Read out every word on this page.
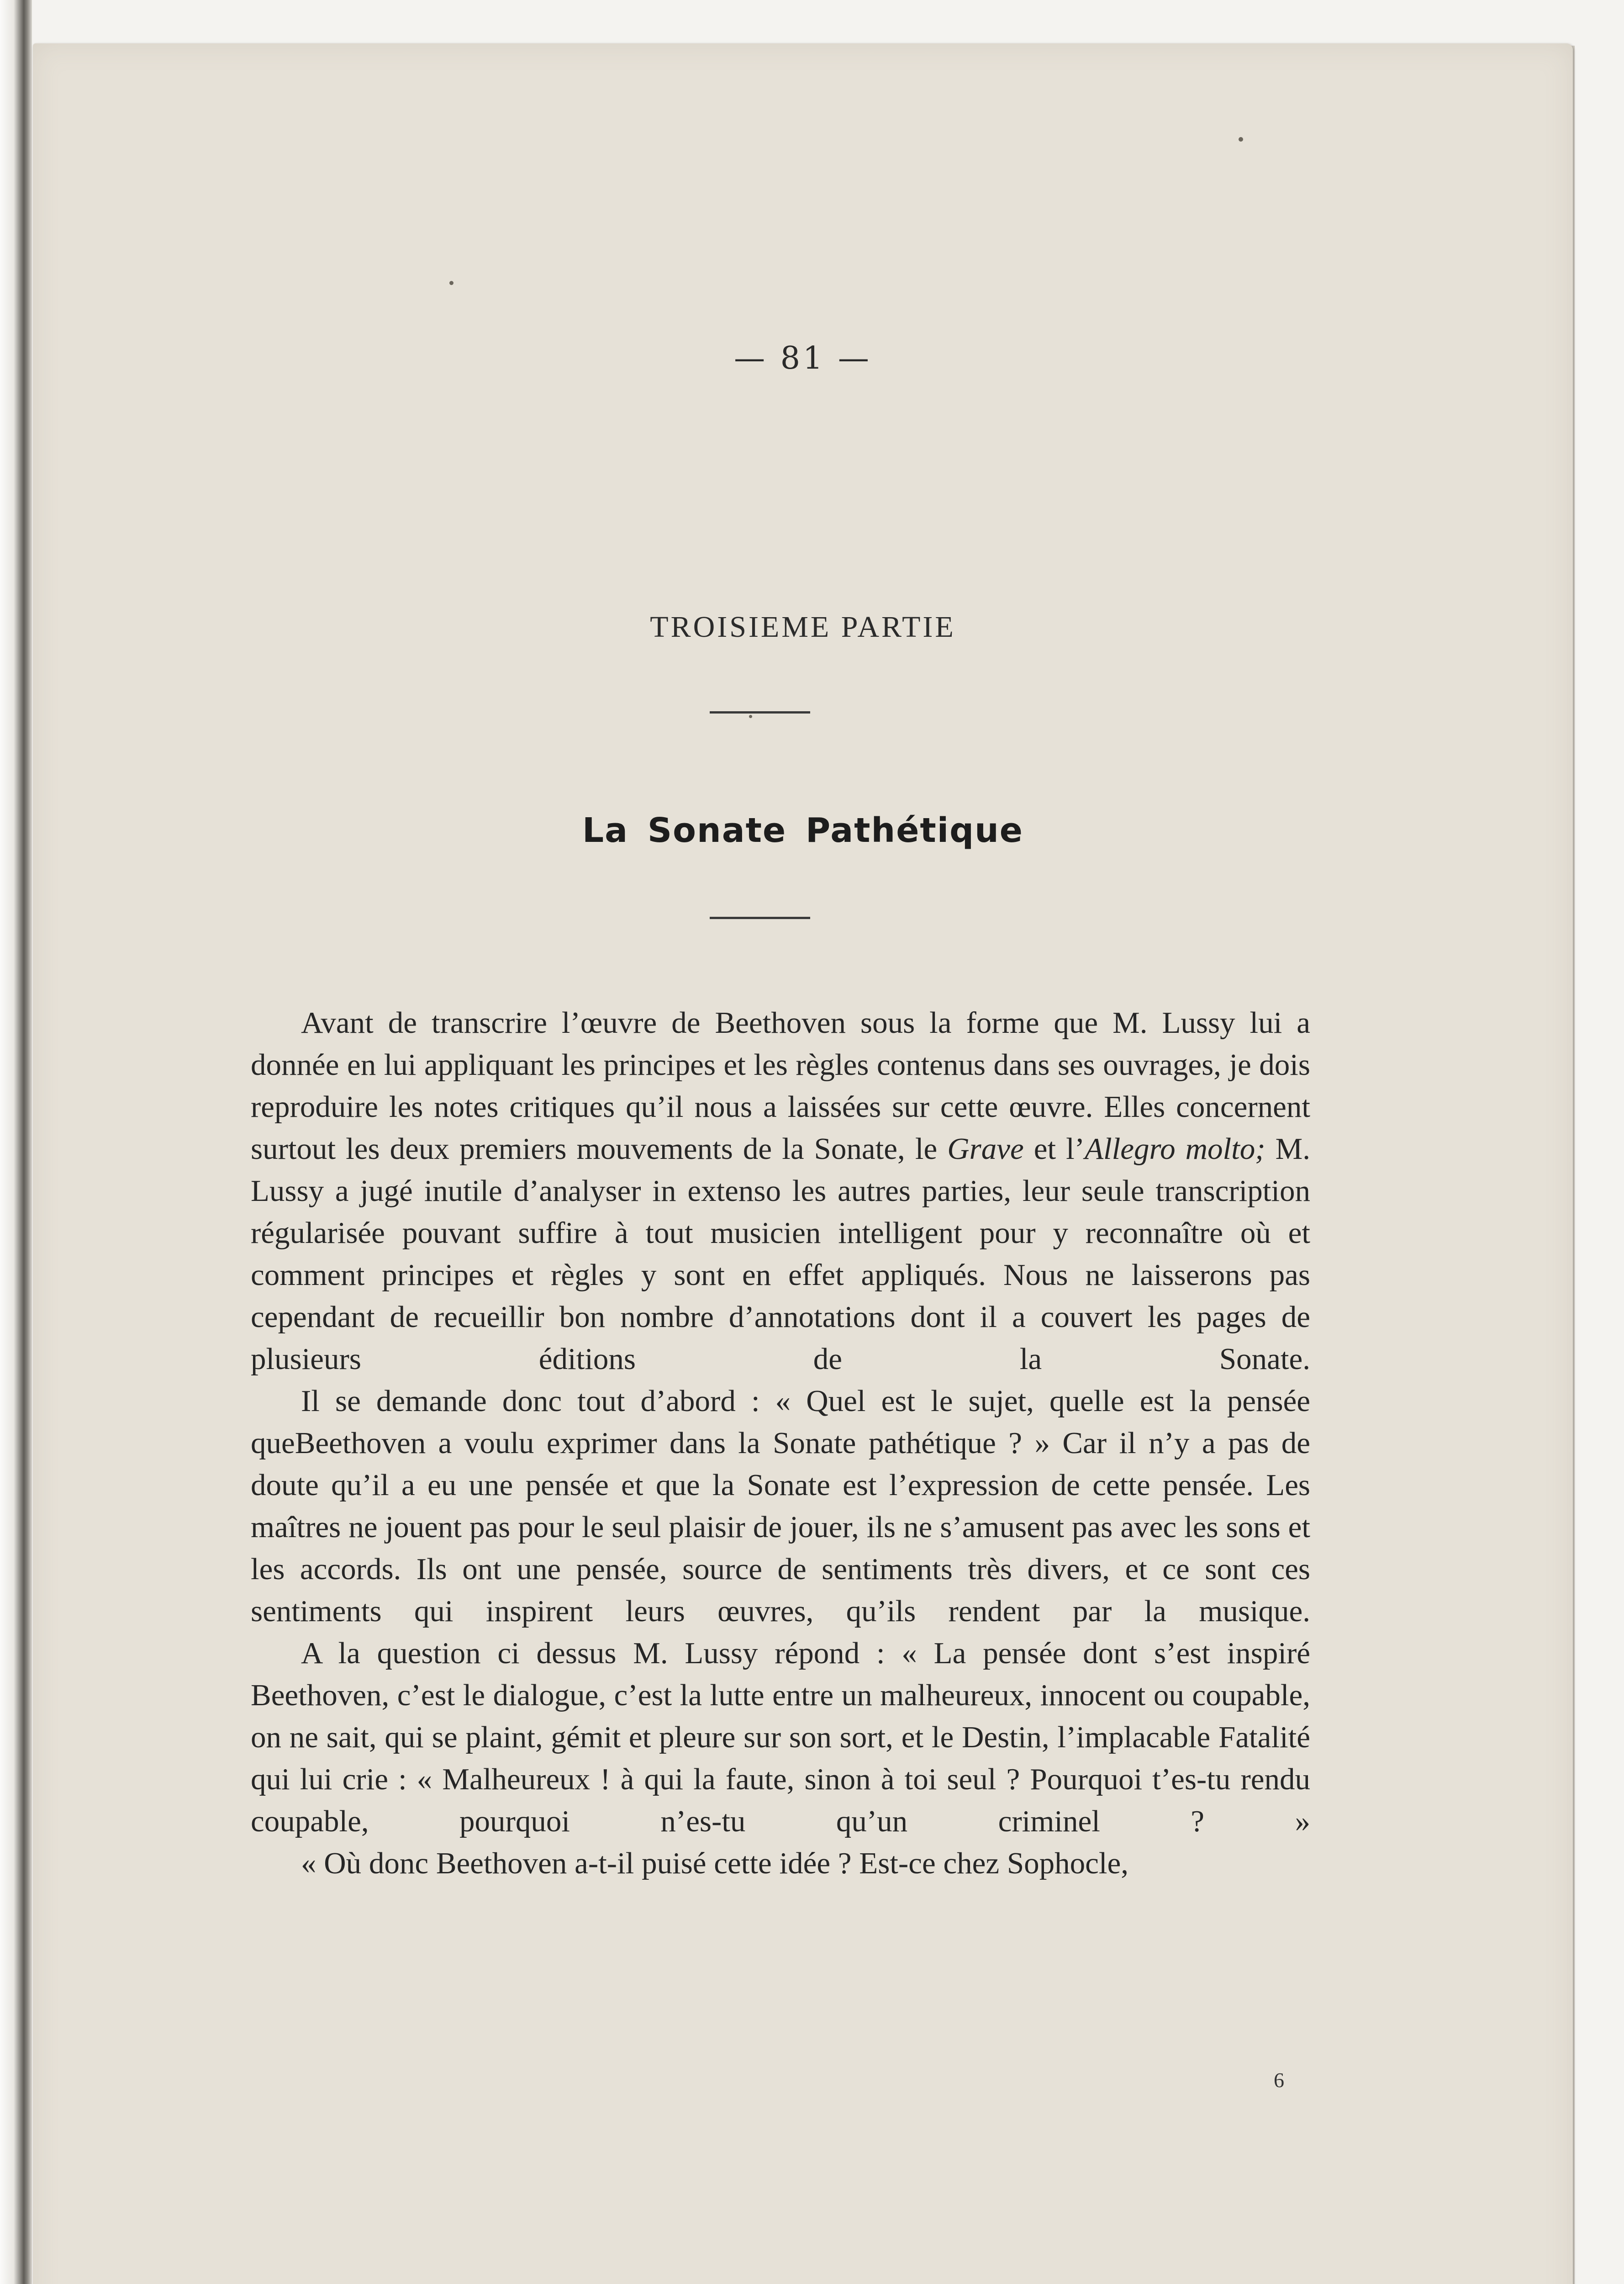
— 81 —
TROISIEME PARTIE
La Sonate Pathétique

Avant de transcrire l’œuvre de Beethoven sous la forme que M. Lussy lui a donnée en lui appliquant les principes et les règles contenus dans ses ouvrages, je dois reproduire les notes critiques qu’il nous a laissées sur cette œuvre. Elles concernent surtout les deux premiers mouvements de la Sonate, le Grave et l’Allegro molto; M. Lussy a jugé inutile d’analyser in extenso les autres parties, leur seule transcription régularisée pouvant suffire à tout musicien intelligent pour y reconnaître où et comment principes et règles y sont en effet appliqués. Nous ne laisserons pas cependant de recueillir bon nombre d’annotations dont il a couvert les pages de plusieurs éditions de la Sonate.

Il se demande donc tout d’abord : « Quel est le sujet, quelle est la pensée queBeethoven a voulu exprimer dans la Sonate pathétique ? » Car il n’y a pas de doute qu’il a eu une pensée et que la Sonate est l’expression de cette pensée. Les maîtres ne jouent pas pour le seul plaisir de jouer, ils ne s’amusent pas avec les sons et les accords. Ils ont une pensée, source de sentiments très divers, et ce sont ces sentiments qui inspirent leurs œuvres, qu’ils rendent par la musique.

A la question ci dessus M. Lussy répond : « La pensée dont s’est inspiré Beethoven, c’est le dialogue, c’est la lutte entre un malheureux, innocent ou coupable, on ne sait, qui se plaint, gémit et pleure sur son sort, et le Destin, l’implacable Fatalité qui lui crie : « Malheureux ! à qui la faute, sinon à toi seul ? Pourquoi t’es-tu rendu coupable, pourquoi n’es-tu qu’un criminel ? »

« Où donc Beethoven a-t-il puisé cette idée ? Est-ce chez Sophocle,

6
